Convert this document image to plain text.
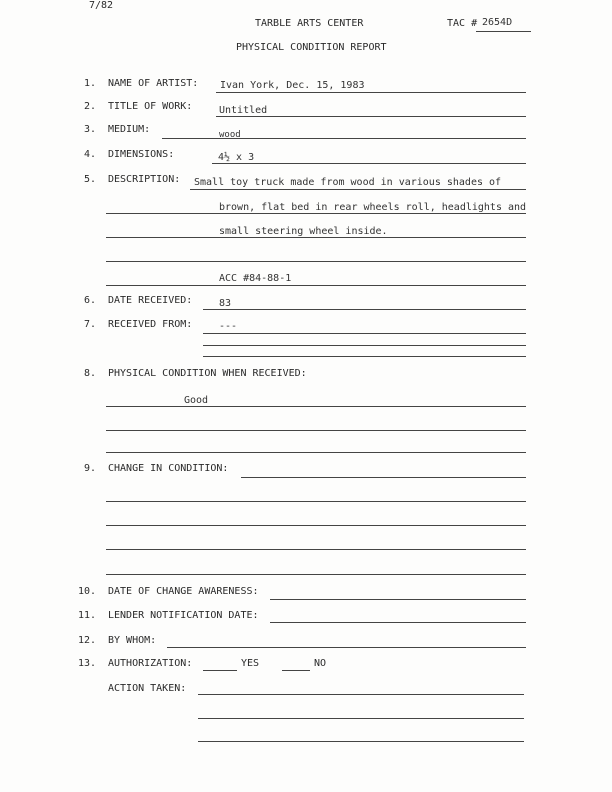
7/82
TARBLE ARTS CENTER	TAC # 2654D
PHYSICAL CONDITION REPORT
1. NAME OF ARTIST: Ivan York, Dec. 15, 1983
2. TITLE OF WORK:	Untitled
3. MEDIUM:	wood
4. DIMENSIONS:	4½ x 3
5. DESCRIPTION: Small toy truck made from wood in various shades of
brown, flat bed in rear wheels roll, headlights and
small steering wheel inside.
ACC #84-88-1
6. DATE RECEIVED:	83
7. RECEIVED FROM:	---
8. PHYSICAL CONDITION WHEN RECEIVED:
Good
9. CHANGE IN CONDITION:
10. DATE OF CHANGE AWARENESS:
11. LENDER NOTIFICATION DATE:
12. BY WHOM:
13. AUTHORIZATION:	YES	NO
ACTION TAKEN:
